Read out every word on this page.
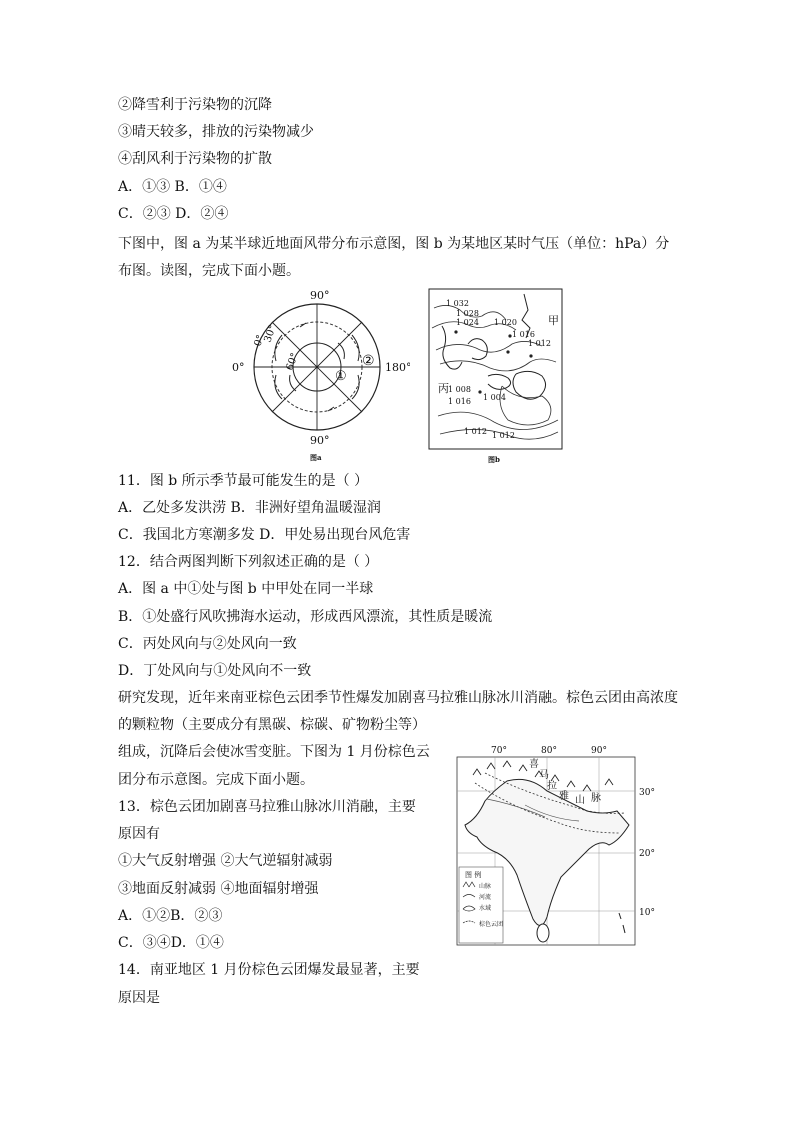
②降雪利于污染物的沉降
③晴天较多，排放的污染物减少
④刮风利于污染物的扩散
A．①③ B．①④
C．②③ D．②④
下图中，图 a 为某半球近地面风带分布示意图，图 b 为某地区某时气压（单位：hPa）分布图。读图，完成下面小题。
90°
90°
0°	180°
30°
0°
60°
①
②
图a
1 032
1 028
1 024 1 020
1 016
1 012
1 008
1 004
1 016
1 012 1 012
甲
丙
图b
11．图 b 所示季节最可能发生的是（ ）
A．乙处多发洪涝 B．非洲好望角温暖湿润
C．我国北方寒潮多发 D．甲处易出现台风危害
12．结合两图判断下列叙述正确的是（ ）
A．图 a 中①处与图 b 中甲处在同一半球
B．①处盛行风吹拂海水运动，形成西风漂流，其性质是暖流
C．丙处风向与②处风向一致
D．丁处风向与①处风向不一致
研究发现，近年来南亚棕色云团季节性爆发加剧喜马拉雅山脉冰川消融。棕色云团由高浓度
的颗粒物（主要成分有黑碳、棕碳、矿物粉尘等）
组成，沉降后会使冰雪变脏。下图为 1 月份棕色云
团分布示意图。完成下面小题。
13．棕色云团加剧喜马拉雅山脉冰川消融，主要
原因有
①大气反射增强 ②大气逆辐射减弱
③地面反射减弱 ④地面辐射增强
A．①②B．②③
C．③④D．①④
14．南亚地区 1 月份棕色云团爆发最显著，主要
原因是
70°	80°	90°
30°
20°
10°
喜
马
拉
雅 山 脉
图 例
山脉
河流
水域
棕色云团
